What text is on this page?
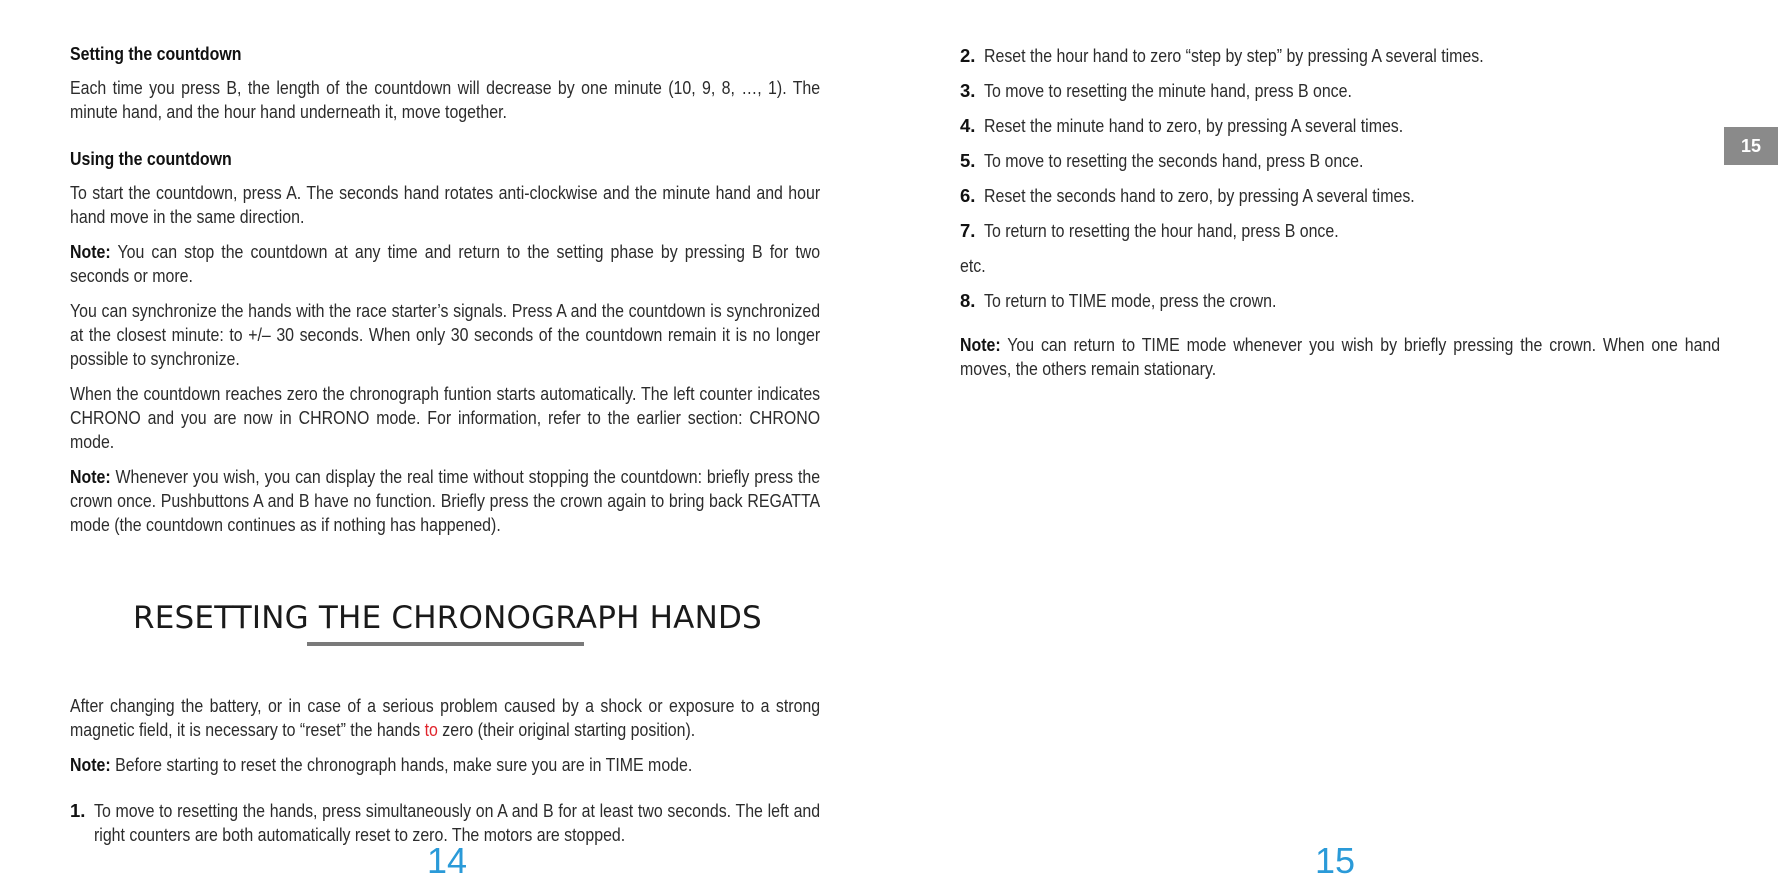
Setting the countdown

Each time you press B, the length of the countdown will decrease by one minute (10, 9, 8, …, 1). The minute hand, and the hour hand underneath it, move together.

Using the countdown

To start the countdown, press A. The seconds hand rotates anti-clockwise and the minute hand and hour hand move in the same direction.

Note: You can stop the countdown at any time and return to the setting phase by pressing B for two seconds or more.

You can synchronize the hands with the race starter’s signals. Press A and the countdown is synchronized at the closest minute: to +/– 30 seconds. When only 30 seconds of the countdown remain it is no longer possible to synchronize.

When the countdown reaches zero the chronograph funtion starts automatically. The left counter indicates CHRONO and you are now in CHRONO mode. For information, refer to the earlier section: CHRONO mode.

Note: Whenever you wish, you can display the real time without stopping the countdown: briefly press the crown once. Pushbuttons A and B have no function. Briefly press the crown again to bring back REGATTA mode (the countdown continues as if nothing has happened).

RESETTING THE CHRONOGRAPH HANDS

After changing the battery, or in case of a serious problem caused by a shock or exposure to a strong magnetic field, it is necessary to “reset” the hands to zero (their original starting position).

Note: Before starting to reset the chronograph hands, make sure you are in TIME mode.

1. To move to resetting the hands, press simultaneously on A and B for at least two seconds. The left and right counters are both automatically reset to zero. The motors are stopped.
14
2. Reset the hour hand to zero “step by step” by pressing A several times.
3. To move to resetting the minute hand, press B once.
4. Reset the minute hand to zero, by pressing A several times.
5. To move to resetting the seconds hand, press B once.
6. Reset the seconds hand to zero, by pressing A several times.
7. To return to resetting the hour hand, press B once.
etc.
8. To return to TIME mode, press the crown.

Note: You can return to TIME mode whenever you wish by briefly pressing the crown. When one hand moves, the others remain stationary.

15
15
